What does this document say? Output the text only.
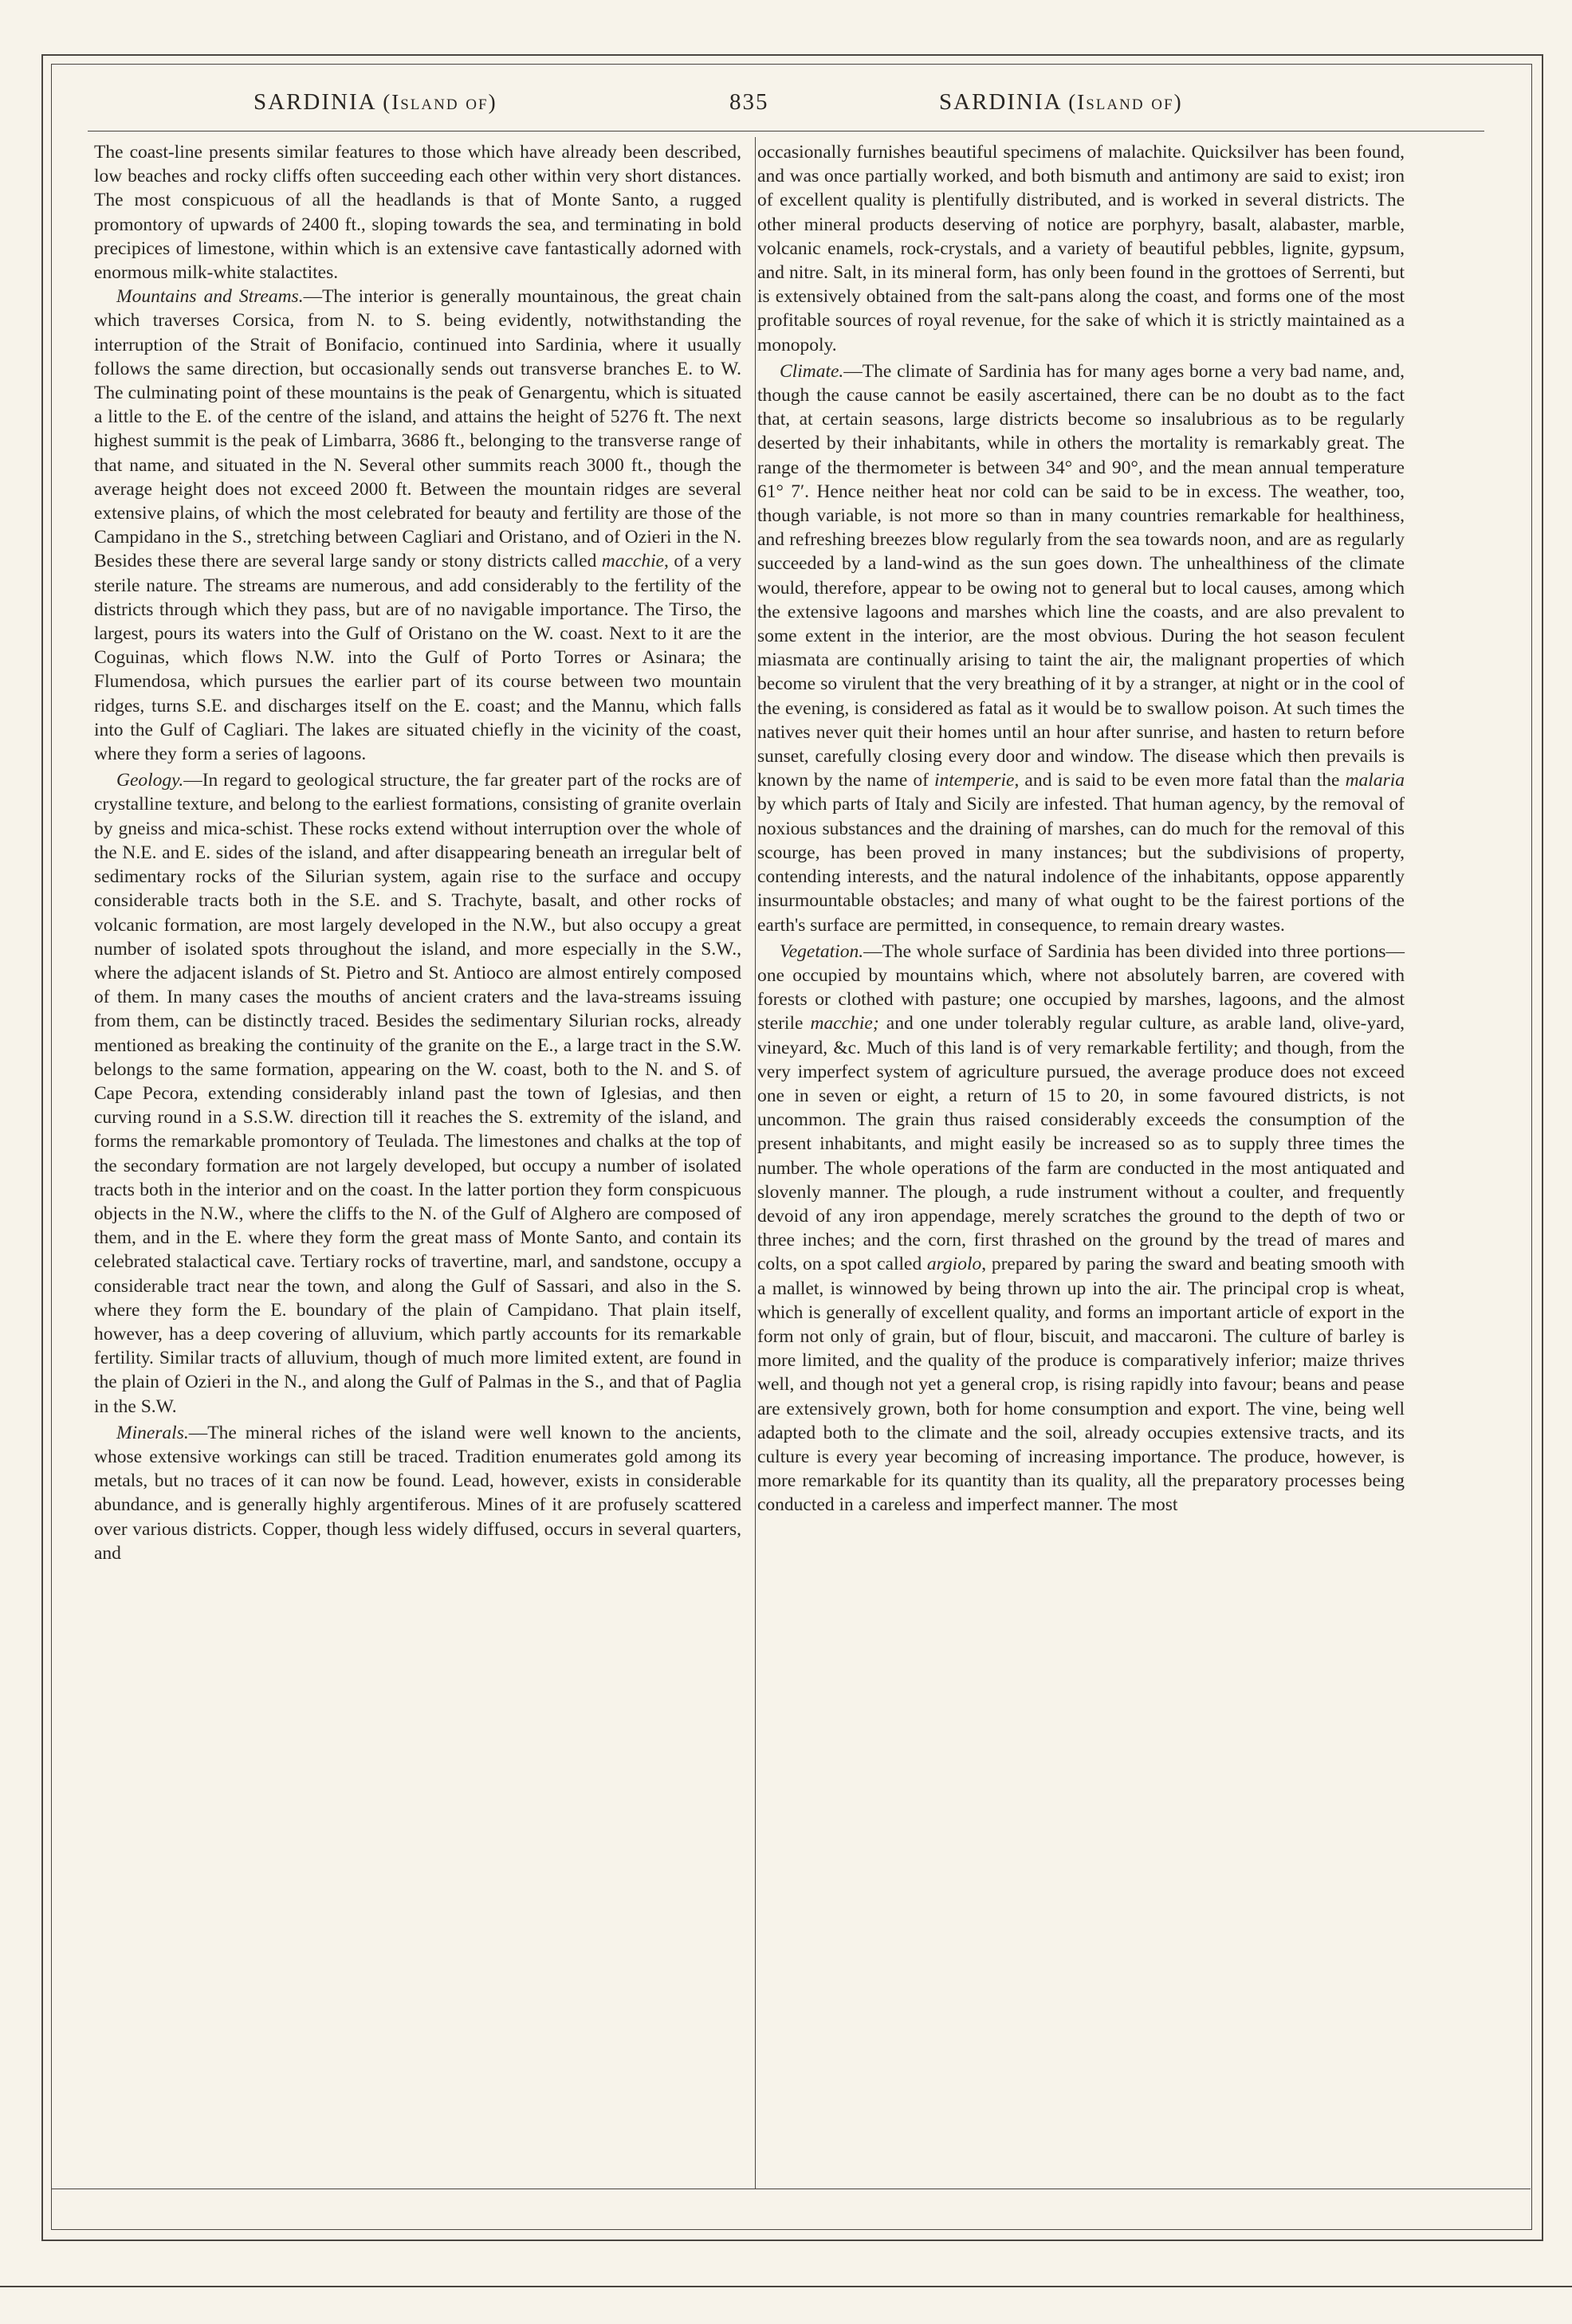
SARDINIA (Island of)	835	SARDINIA (Island of)

The coast-line presents similar features to those which have already been described, low beaches and rocky cliffs often succeeding each other within very short distances. The most conspicuous of all the headlands is that of Monte Santo, a rugged promontory of upwards of 2400 ft., sloping towards the sea, and terminating in bold precipices of limestone, within which is an extensive cave fantastically adorned with enormous milk-white stalactites.

Mountains and Streams.—The interior is generally mountainous, the great chain which traverses Corsica, from N. to S. being evidently, notwithstanding the interruption of the Strait of Bonifacio, continued into Sardinia, where it usually follows the same direction, but occasionally sends out transverse branches E. to W. The culminating point of these mountains is the peak of Genargentu, which is situated a little to the E. of the centre of the island, and attains the height of 5276 ft. The next highest summit is the peak of Limbarra, 3686 ft., belonging to the transverse range of that name, and situated in the N. Several other summits reach 3000 ft., though the average height does not exceed 2000 ft. Between the mountain ridges are several extensive plains, of which the most celebrated for beauty and fertility are those of the Campidano in the S., stretching between Cagliari and Oristano, and of Ozieri in the N. Besides these there are several large sandy or stony districts called macchie, of a very sterile nature. The streams are numerous, and add considerably to the fertility of the districts through which they pass, but are of no navigable importance. The Tirso, the largest, pours its waters into the Gulf of Oristano on the W. coast. Next to it are the Coguinas, which flows N.W. into the Gulf of Porto Torres or Asinara; the Flumendosa, which pursues the earlier part of its course between two mountain ridges, turns S.E. and discharges itself on the E. coast; and the Mannu, which falls into the Gulf of Cagliari. The lakes are situated chiefly in the vicinity of the coast, where they form a series of lagoons.

Geology.—In regard to geological structure, the far greater part of the rocks are of crystalline texture, and belong to the earliest formations, consisting of granite overlain by gneiss and mica-schist. These rocks extend without interruption over the whole of the N.E. and E. sides of the island, and after disappearing beneath an irregular belt of sedimentary rocks of the Silurian system, again rise to the surface and occupy considerable tracts both in the S.E. and S. Trachyte, basalt, and other rocks of volcanic formation, are most largely developed in the N.W., but also occupy a great number of isolated spots throughout the island, and more especially in the S.W., where the adjacent islands of St. Pietro and St. Antioco are almost entirely composed of them. In many cases the mouths of ancient craters and the lava-streams issuing from them, can be distinctly traced. Besides the sedimentary Silurian rocks, already mentioned as breaking the continuity of the granite on the E., a large tract in the S.W. belongs to the same formation, appearing on the W. coast, both to the N. and S. of Cape Pecora, extending considerably inland past the town of Iglesias, and then curving round in a S.S.W. direction till it reaches the S. extremity of the island, and forms the remarkable promontory of Teulada. The limestones and chalks at the top of the secondary formation are not largely developed, but occupy a number of isolated tracts both in the interior and on the coast. In the latter portion they form conspicuous objects in the N.W., where the cliffs to the N. of the Gulf of Alghero are composed of them, and in the E. where they form the great mass of Monte Santo, and contain its celebrated stalactical cave. Tertiary rocks of travertine, marl, and sandstone, occupy a considerable tract near the town, and along the Gulf of Sassari, and also in the S. where they form the E. boundary of the plain of Campidano. That plain itself, however, has a deep covering of alluvium, which partly accounts for its remarkable fertility. Similar tracts of alluvium, though of much more limited extent, are found in the plain of Ozieri in the N., and along the Gulf of Palmas in the S., and that of Paglia in the S.W.

Minerals.—The mineral riches of the island were well known to the ancients, whose extensive workings can still be traced. Tradition enumerates gold among its metals, but no traces of it can now be found. Lead, however, exists in considerable abundance, and is generally highly argentiferous. Mines of it are profusely scattered over various districts. Copper, though less widely diffused, occurs in several quarters, and

occasionally furnishes beautiful specimens of malachite. Quicksilver has been found, and was once partially worked, and both bismuth and antimony are said to exist; iron of excellent quality is plentifully distributed, and is worked in several districts. The other mineral products deserving of notice are porphyry, basalt, alabaster, marble, volcanic enamels, rock-crystals, and a variety of beautiful pebbles, lignite, gypsum, and nitre. Salt, in its mineral form, has only been found in the grottoes of Serrenti, but is extensively obtained from the salt-pans along the coast, and forms one of the most profitable sources of royal revenue, for the sake of which it is strictly maintained as a monopoly.

Climate.—The climate of Sardinia has for many ages borne a very bad name, and, though the cause cannot be easily ascertained, there can be no doubt as to the fact that, at certain seasons, large districts become so insalubrious as to be regularly deserted by their inhabitants, while in others the mortality is remarkably great. The range of the thermometer is between 34° and 90°, and the mean annual temperature 61° 7′. Hence neither heat nor cold can be said to be in excess. The weather, too, though variable, is not more so than in many countries remarkable for healthiness, and refreshing breezes blow regularly from the sea towards noon, and are as regularly succeeded by a land-wind as the sun goes down. The unhealthiness of the climate would, therefore, appear to be owing not to general but to local causes, among which the extensive lagoons and marshes which line the coasts, and are also prevalent to some extent in the interior, are the most obvious. During the hot season feculent miasmata are continually arising to taint the air, the malignant properties of which become so virulent that the very breathing of it by a stranger, at night or in the cool of the evening, is considered as fatal as it would be to swallow poison. At such times the natives never quit their homes until an hour after sunrise, and hasten to return before sunset, carefully closing every door and window. The disease which then prevails is known by the name of intemperie, and is said to be even more fatal than the malaria by which parts of Italy and Sicily are infested. That human agency, by the removal of noxious substances and the draining of marshes, can do much for the removal of this scourge, has been proved in many instances; but the subdivisions of property, contending interests, and the natural indolence of the inhabitants, oppose apparently insurmountable obstacles; and many of what ought to be the fairest portions of the earth's surface are permitted, in consequence, to remain dreary wastes.

Vegetation.—The whole surface of Sardinia has been divided into three portions—one occupied by mountains which, where not absolutely barren, are covered with forests or clothed with pasture; one occupied by marshes, lagoons, and the almost sterile macchie; and one under tolerably regular culture, as arable land, olive-yard, vineyard, &c. Much of this land is of very remarkable fertility; and though, from the very imperfect system of agriculture pursued, the average produce does not exceed one in seven or eight, a return of 15 to 20, in some favoured districts, is not uncommon. The grain thus raised considerably exceeds the consumption of the present inhabitants, and might easily be increased so as to supply three times the number. The whole operations of the farm are conducted in the most antiquated and slovenly manner. The plough, a rude instrument without a coulter, and frequently devoid of any iron appendage, merely scratches the ground to the depth of two or three inches; and the corn, first thrashed on the ground by the tread of mares and colts, on a spot called argiolo, prepared by paring the sward and beating smooth with a mallet, is winnowed by being thrown up into the air. The principal crop is wheat, which is generally of excellent quality, and forms an important article of export in the form not only of grain, but of flour, biscuit, and maccaroni. The culture of barley is more limited, and the quality of the produce is comparatively inferior; maize thrives well, and though not yet a general crop, is rising rapidly into favour; beans and pease are extensively grown, both for home consumption and export. The vine, being well adapted both to the climate and the soil, already occupies extensive tracts, and its culture is every year becoming of increasing importance. The produce, however, is more remarkable for its quantity than its quality, all the preparatory processes being conducted in a careless and imperfect manner. The most
